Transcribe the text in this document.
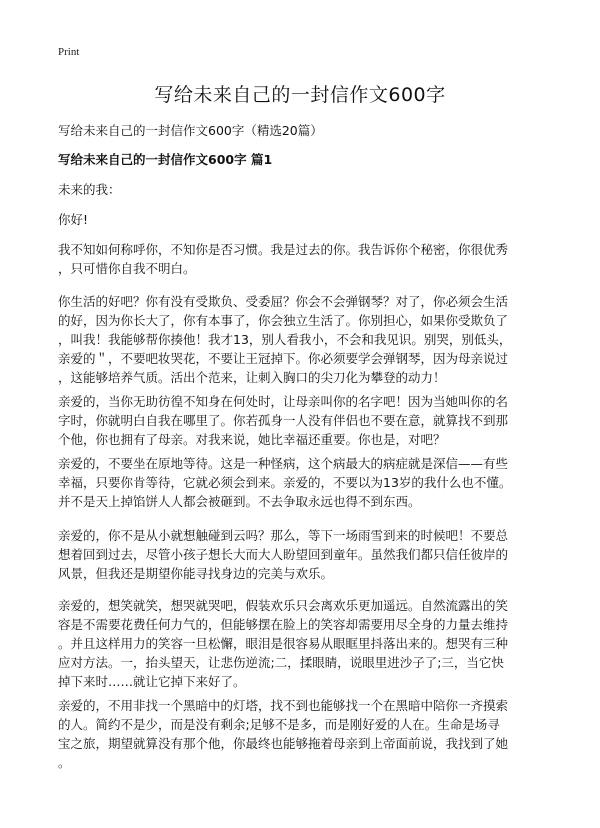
Print
写给未来自己的一封信作文600字
写给未来自己的一封信作文600字（精选20篇）
写给未来自己的一封信作文600字 篇1
未来的我：
你好!
我不知如何称呼你，不知你是否习惯。我是过去的你。我告诉你个秘密，你很优秀
，只可惜你自我不明白。
你生活的好吧？你有没有受欺负、受委屈？你会不会弹钢琴？对了，你必须会生活
的好，因为你长大了，你有本事了，你会独立生活了。你别担心，如果你受欺负了
，叫我！我能够帮你揍他！我才13，别人看我小，不会和我见识。别哭，别低头，
亲爱的＂，不要吧妆哭花，不要让王冠掉下。你必须要学会弹钢琴，因为母亲说过
，这能够培养气质。活出个范来，让刺入胸口的尖刀化为攀登的动力！
亲爱的，当你无助彷徨不知身在何处时，让母亲叫你的名字吧！因为当她叫你的名
字时，你就明白自我在哪里了。你若孤身一人没有伴侣也不要在意，就算找不到那
个他，你也拥有了母亲。对我来说，她比幸福还重要。你也是，对吧？
亲爱的，不要坐在原地等待。这是一种怪病，这个病最大的病症就是深信——有些
幸福，只要你肯等待，它就必须会到来。亲爱的，不要以为13岁的我什么也不懂。
并不是天上掉馅饼人人都会被砸到。不去争取永远也得不到东西。
亲爱的，你不是从小就想触碰到云吗？那么，等下一场雨雪到来的时候吧！不要总
想着回到过去，尽管小孩子想长大而大人盼望回到童年。虽然我们都只信任彼岸的
风景，但我还是期望你能寻找身边的完美与欢乐。
亲爱的，想笑就笑，想哭就哭吧，假装欢乐只会离欢乐更加遥远。自然流露出的笑
容是不需要花费任何力气的，但能够摆在脸上的笑容却需要用尽全身的力量去维持
。并且这样用力的笑容一旦松懈，眼泪是很容易从眼眶里抖落出来的。想哭有三种
应对方法。一，抬头望天，让悲伤逆流;二，揉眼睛，说眼里进沙子了;三，当它快
掉下来时……就让它掉下来好了。
亲爱的，不用非找一个黑暗中的灯塔，找不到也能够找一个在黑暗中陪你一齐摸索
的人。简约不是少，而是没有剩余;足够不是多，而是刚好爱的人在。生命是场寻
宝之旅，期望就算没有那个他，你最终也能够拖着母亲到上帝面前说，我找到了她
。
